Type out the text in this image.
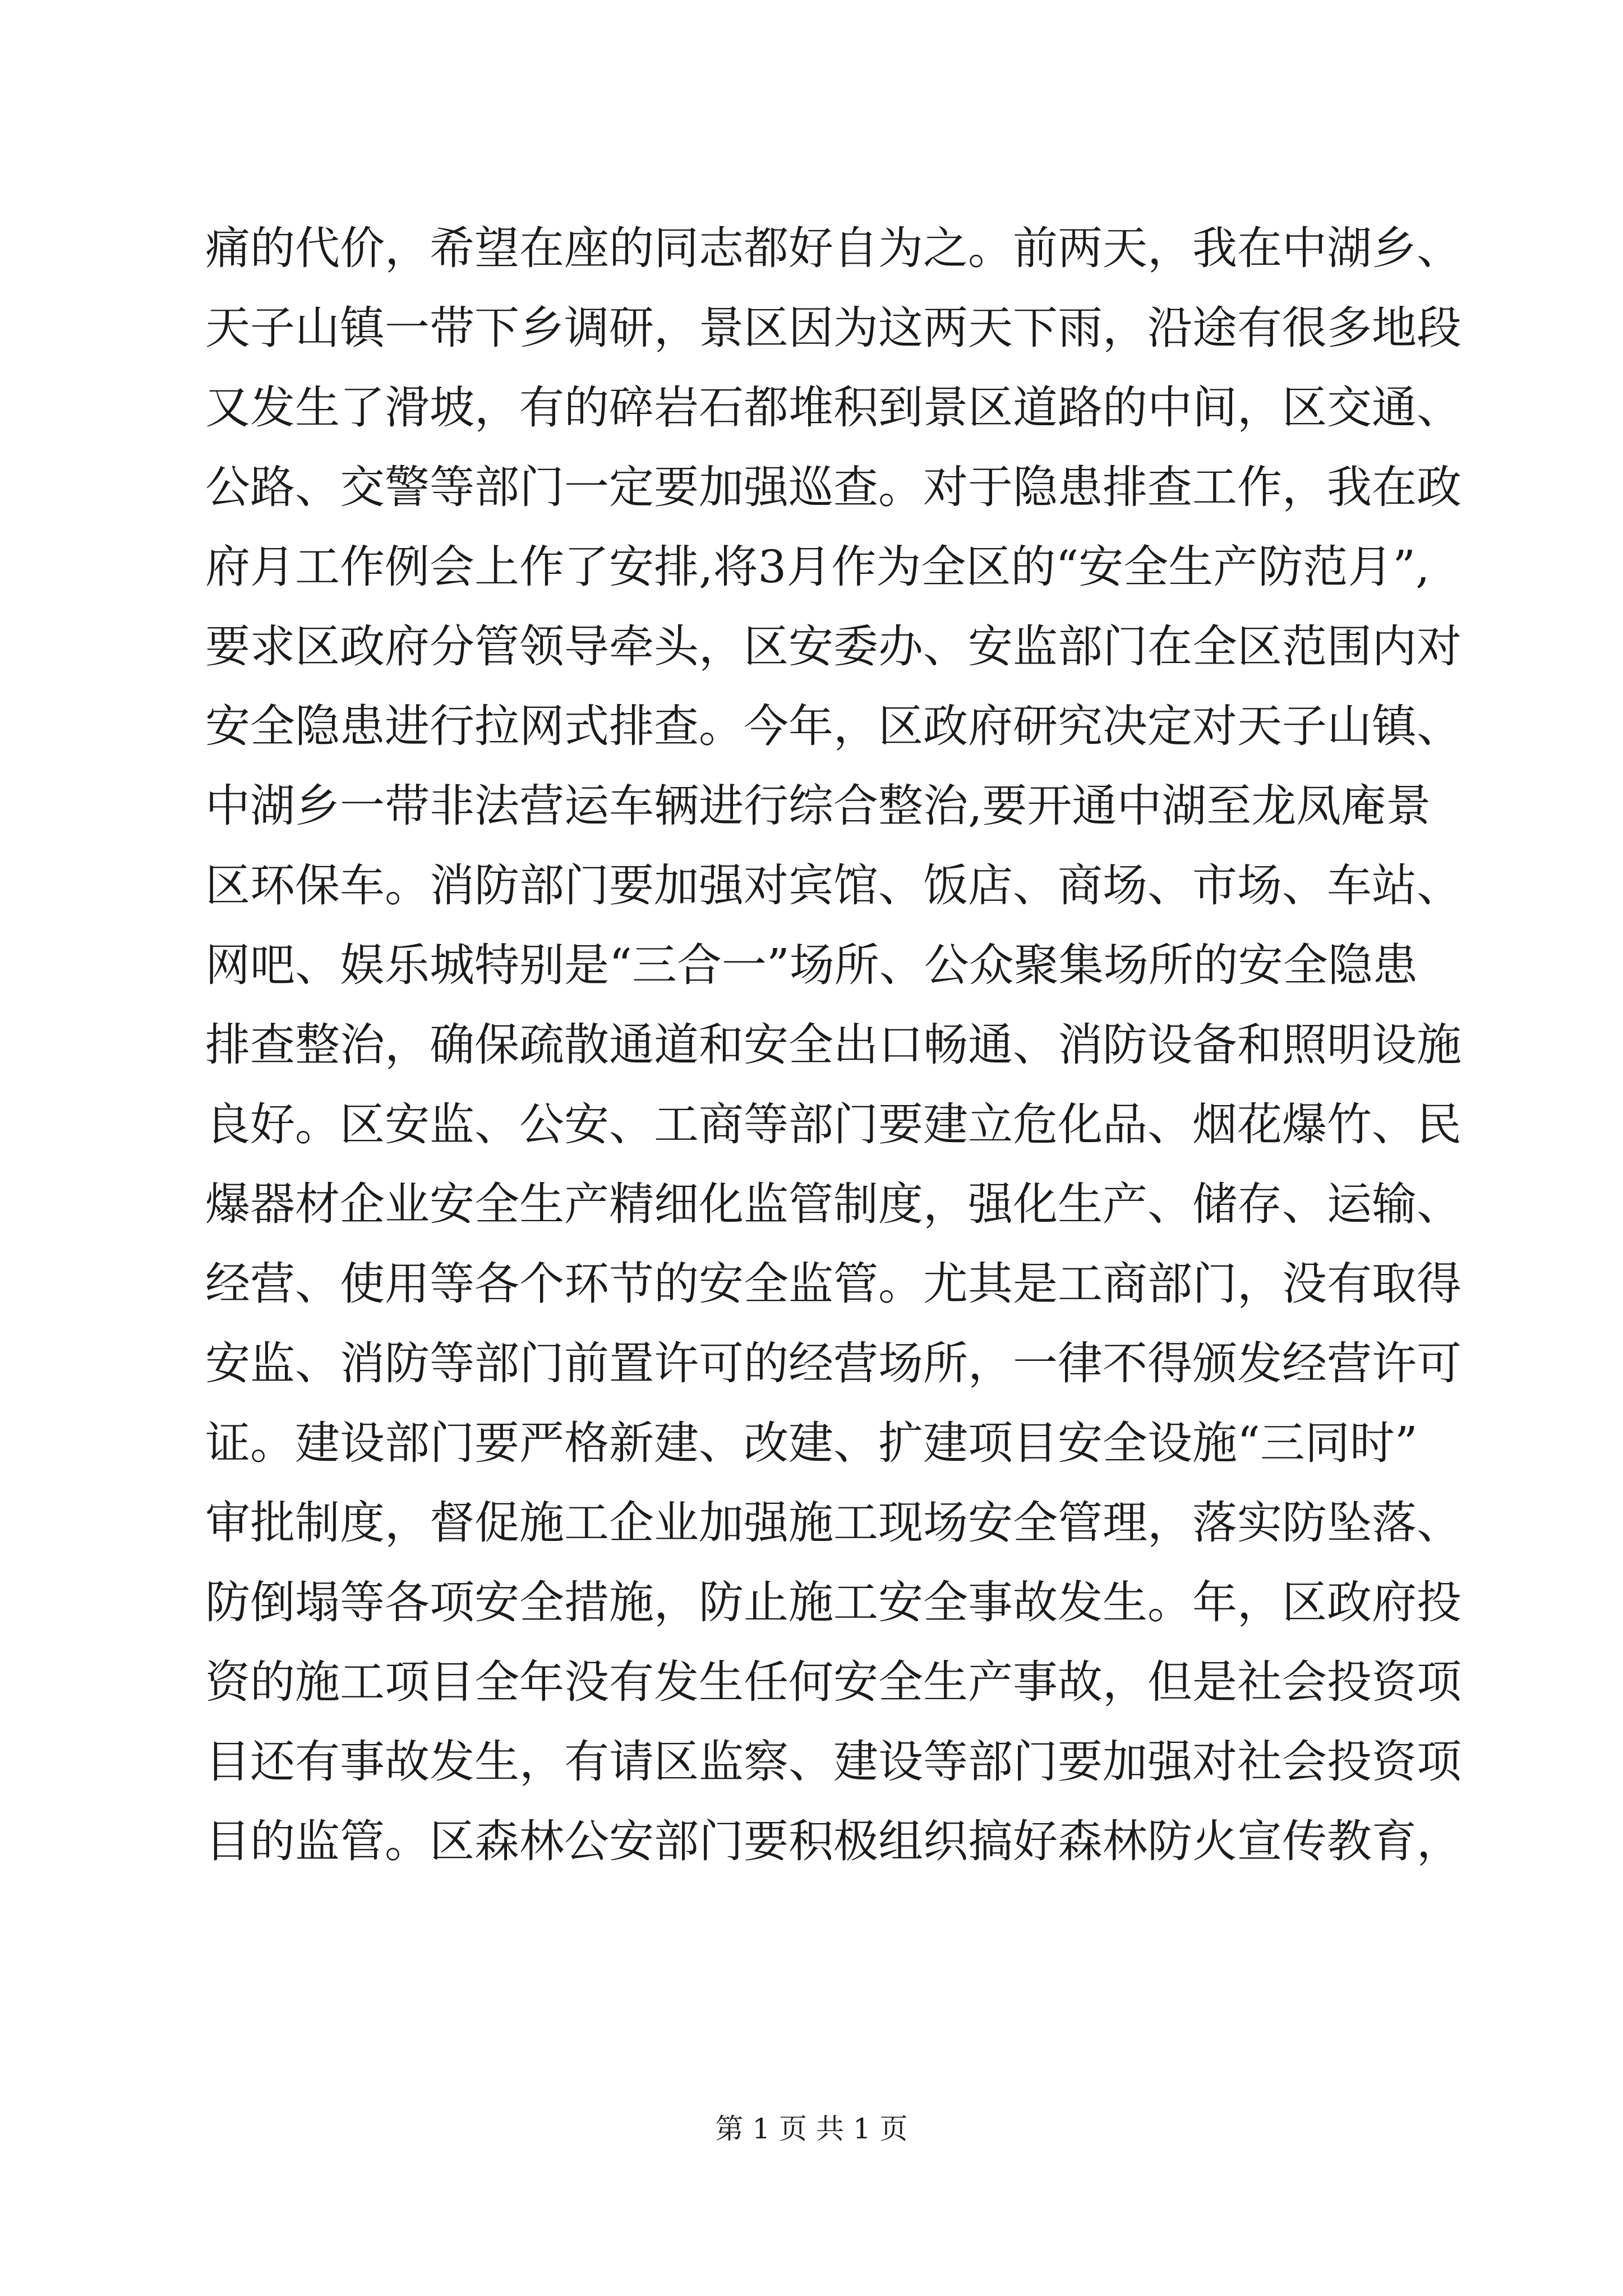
痛的代价，希望在座的同志都好自为之。前两天，我在中湖乡、
天子山镇一带下乡调研，景区因为这两天下雨，沿途有很多地段
又发生了滑坡，有的碎岩石都堆积到景区道路的中间，区交通、
公路、交警等部门一定要加强巡查。对于隐患排查工作，我在政
府月工作例会上作了安排,将3月作为全区的“安全生产防范月”,
要求区政府分管领导牵头，区安委办、安监部门在全区范围内对
安全隐患进行拉网式排查。今年，区政府研究决定对天子山镇、
中湖乡一带非法营运车辆进行综合整治,要开通中湖至龙凤庵景
区环保车。消防部门要加强对宾馆、饭店、商场、市场、车站、
网吧、娱乐城特别是“三合一”场所、公众聚集场所的安全隐患
排查整治，确保疏散通道和安全出口畅通、消防设备和照明设施
良好。区安监、公安、工商等部门要建立危化品、烟花爆竹、民
爆器材企业安全生产精细化监管制度，强化生产、储存、运输、
经营、使用等各个环节的安全监管。尤其是工商部门，没有取得
安监、消防等部门前置许可的经营场所，一律不得颁发经营许可
证。建设部门要严格新建、改建、扩建项目安全设施“三同时”
审批制度，督促施工企业加强施工现场安全管理，落实防坠落、
防倒塌等各项安全措施，防止施工安全事故发生。年，区政府投
资的施工项目全年没有发生任何安全生产事故，但是社会投资项
目还有事故发生，有请区监察、建设等部门要加强对社会投资项
目的监管。区森林公安部门要积极组织搞好森林防火宣传教育，
第 1 页 共 1 页
